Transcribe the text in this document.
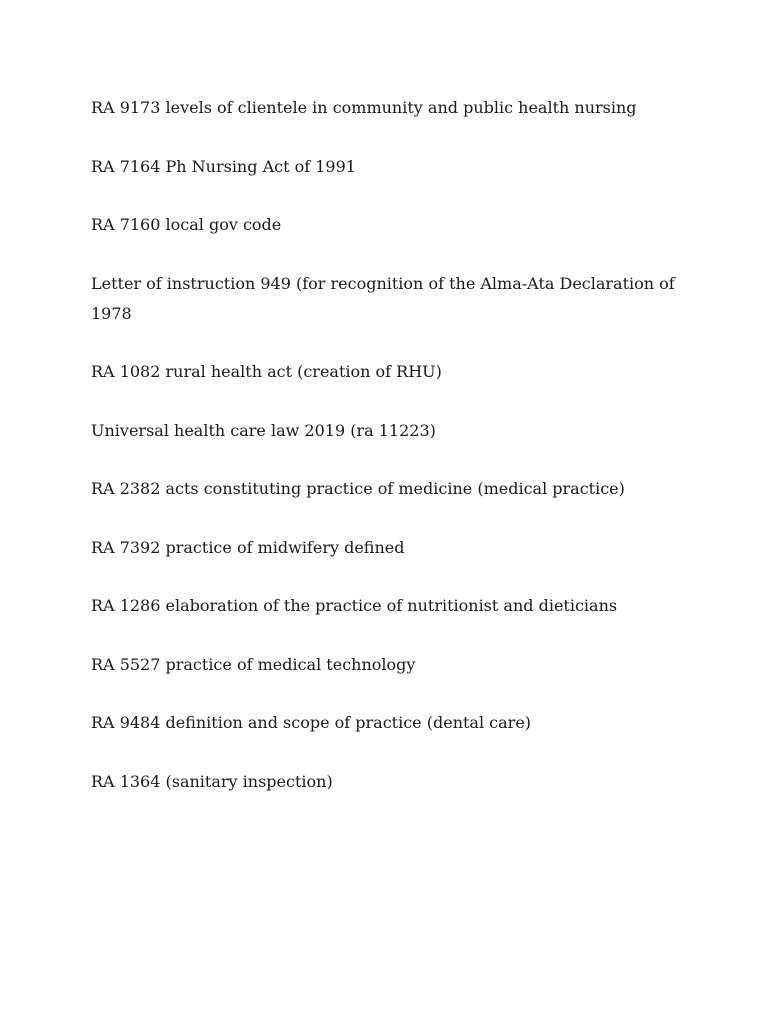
RA 9173 levels of clientele in community and public health nursing

RA 7164 Ph Nursing Act of 1991

RA 7160 local gov code

Letter of instruction 949 (for recognition of the Alma-Ata Declaration of 1978

RA 1082 rural health act (creation of RHU)

Universal health care law 2019 (ra 11223)

RA 2382 acts constituting practice of medicine (medical practice)

RA 7392 practice of midwifery defined

RA 1286 elaboration of the practice of nutritionist and dieticians

RA 5527 practice of medical technology

RA 9484 definition and scope of practice (dental care)

RA 1364 (sanitary inspection)
